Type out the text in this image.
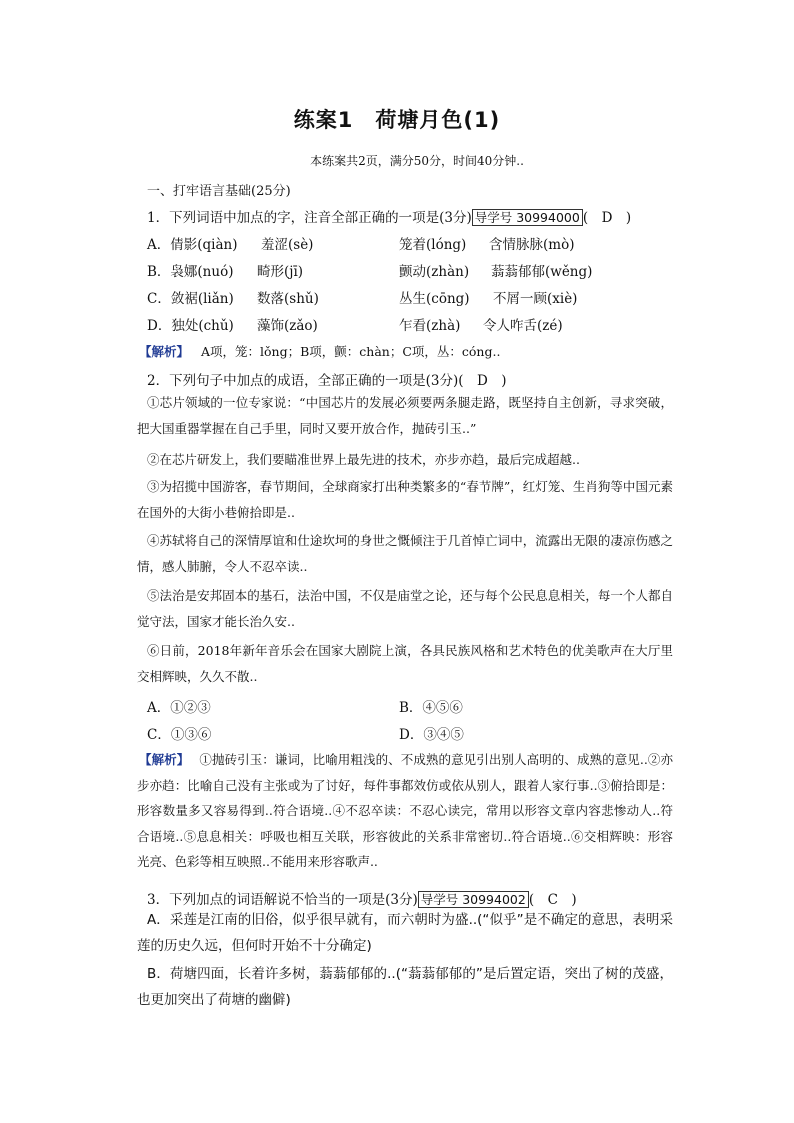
练案1　荷塘月色(1)
本练案共2页，满分50分，时间40分钟..
一、打牢语言基础(25分)
1．下列词语中加点的字，注音全部正确的一项是(3分) 导学号 30994000 (　D　)
A．倩影(qiàn) 羞涩(sè)	笼着(lóng) 含情脉脉(mò)
B．袅娜(nuó) 畸形(jī)	颤动(zhàn) 蓊蓊郁郁(wěng)
C．敛裾(liǎn) 数落(shǔ)	丛生(cōng) 不屑一顾(xiè)
D．独处(chǔ) 藻饰(zǎo)	乍看(zhà) 令人咋舌(zé)
【解析】 A项，笼：lǒng；B项，颤：chàn；C项，丛：cóng..
2．下列句子中加点的成语，全部正确的一项是(3分)(　D　)
①芯片领域的一位专家说：“中国芯片的发展必须要两条腿走路，既坚持自主创新，寻求突破，把大国重器掌握在自己手里，同时又要开放合作，抛砖引玉..”
②在芯片研发上，我们要瞄准世界上最先进的技术，亦步亦趋，最后完成超越..
③为招揽中国游客，春节期间，全球商家打出种类繁多的“春节牌”，红灯笼、生肖狗等中国元素在国外的大街小巷俯拾即是..
④苏轼将自己的深情厚谊和仕途坎坷的身世之慨倾注于几首悼亡词中，流露出无限的凄凉伤感之情，感人肺腑，令人不忍卒读..
⑤法治是安邦固本的基石，法治中国，不仅是庙堂之论，还与每个公民息息相关，每一个人都自觉守法，国家才能长治久安..
⑥日前，2018年新年音乐会在国家大剧院上演，各具民族风格和艺术特色的优美歌声在大厅里交相辉映，久久不散..
A．①②③	B．④⑤⑥
C．①③⑥	D．③④⑤
【解析】 ①抛砖引玉：谦词，比喻用粗浅的、不成熟的意见引出别人高明的、成熟的意见..②亦步亦趋：比喻自己没有主张或为了讨好，每件事都效仿或依从别人，跟着人家行事..③俯拾即是：形容数量多又容易得到..符合语境..④不忍卒读：不忍心读完，常用以形容文章内容悲惨动人..符合语境..⑤息息相关：呼吸也相互关联，形容彼此的关系非常密切..符合语境..⑥交相辉映：形容光亮、色彩等相互映照..不能用来形容歌声..
3．下列加点的词语解说不恰当的一项是(3分) 导学号 30994002 (　C　)
A．采莲是江南的旧俗，似乎很早就有，而六朝时为盛..(“似乎”是不确定的意思，表明采莲的历史久远，但何时开始不十分确定)
B．荷塘四面，长着许多树，蓊蓊郁郁的..(“蓊蓊郁郁的”是后置定语，突出了树的茂盛，也更加突出了荷塘的幽僻)
